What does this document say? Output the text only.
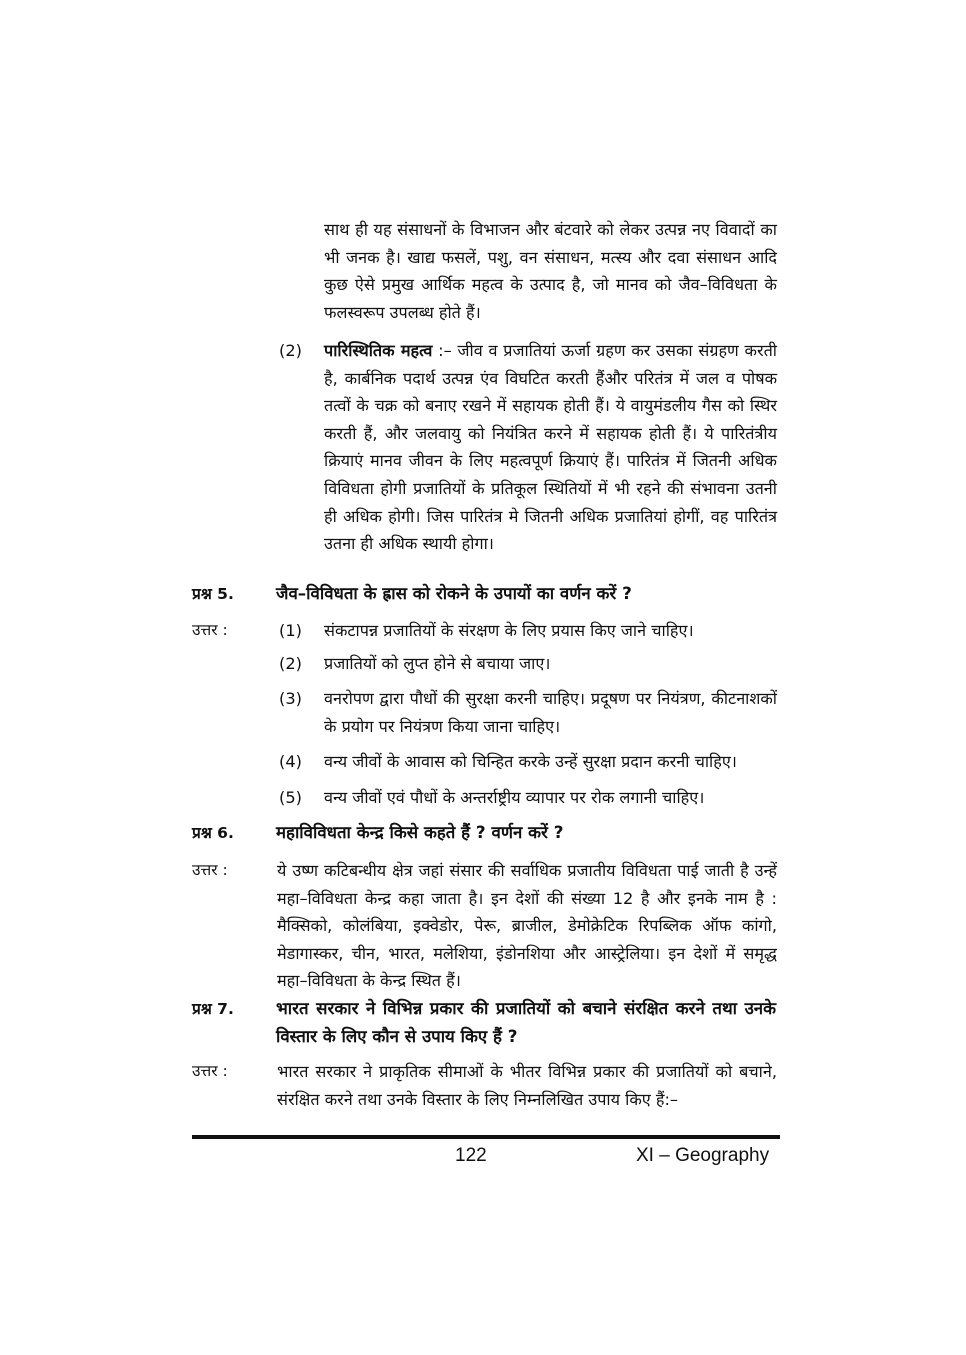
साथ ही यह संसाधनों के विभाजन और बंटवारे को लेकर उत्पन्न नए विवादों का भी जनक है। खाद्य फसलें, पशु, वन संसाधन, मत्स्य और दवा संसाधन आदि कुछ ऐसे प्रमुख आर्थिक महत्व के उत्पाद है, जो मानव को जैव–विविधता के फलस्वरूप उपलब्ध होते हैं।

(2) पारिस्थितिक महत्व :– जीव व प्रजातियां ऊर्जा ग्रहण कर उसका संग्रहण करती है, कार्बनिक पदार्थ उत्पन्न एंव विघटित करती हैंऔर परितंत्र में जल व पोषक तत्वों के चक्र को बनाए रखने में सहायक होती हैं। ये वायुमंडलीय गैस को स्थिर करती हैं, और जलवायु को नियंत्रित करने में सहायक होती हैं। ये पारितंत्रीय क्रियाएं मानव जीवन के लिए महत्वपूर्ण क्रियाएं हैं। पारितंत्र में जितनी अधिक विविधता होगी प्रजातियों के प्रतिकूल स्थितियों में भी रहने की संभावना उतनी ही अधिक होगी। जिस पारितंत्र मे जितनी अधिक प्रजातियां होगीं, वह पारितंत्र उतना ही अधिक स्थायी होगा।

प्रश्न 5.	जैव–विविधता के ह्रास को रोकने के उपायों का वर्णन करें ?

उत्तर :	(1) संकटापन्न प्रजातियों के संरक्षण के लिए प्रयास किए जाने चाहिए।

(2) प्रजातियों को लुप्त होने से बचाया जाए।

(3) वनरोपण द्वारा पौधों की सुरक्षा करनी चाहिए। प्रदूषण पर नियंत्रण, कीटनाशकों के प्रयोग पर नियंत्रण किया जाना चाहिए।

(4) वन्य जीवों के आवास को चिन्हित करके उन्हें सुरक्षा प्रदान करनी चाहिए।

(5) वन्य जीवों एवं पौधों के अन्तर्राष्ट्रीय व्यापार पर रोक लगानी चाहिए।

प्रश्न 6.	महाविविधता केन्द्र किसे कहते हैं ? वर्णन करें ?

उत्तर :	ये उष्ण कटिबन्धीय क्षेत्र जहां संसार की सर्वाधिक प्रजातीय विविधता पाई जाती है उन्हें महा–विविधता केन्द्र कहा जाता है। इन देशों की संख्या 12 है और इनके नाम है : मैक्सिको, कोलंबिया, इक्वेडोर, पेरू, ब्राजील, डेमोक्रेटिक रिपब्लिक ऑफ कांगो, मेडागास्कर, चीन, भारत, मलेशिया, इंडोनशिया और आस्ट्रेलिया। इन देशों में समृद्ध महा–विविधता के केन्द्र स्थित हैं।

प्रश्न 7.	भारत सरकार ने विभिन्न प्रकार की प्रजातियों को बचाने संरक्षित करने तथा उनके विस्तार के लिए कौन से उपाय किए हैं ?

उत्तर :	भारत सरकार ने प्राकृतिक सीमाओं के भीतर विभिन्न प्रकार की प्रजातियों को बचाने, संरक्षित करने तथा उनके विस्तार के लिए निम्नलिखित उपाय किए हैं:–

122	XI – Geography
